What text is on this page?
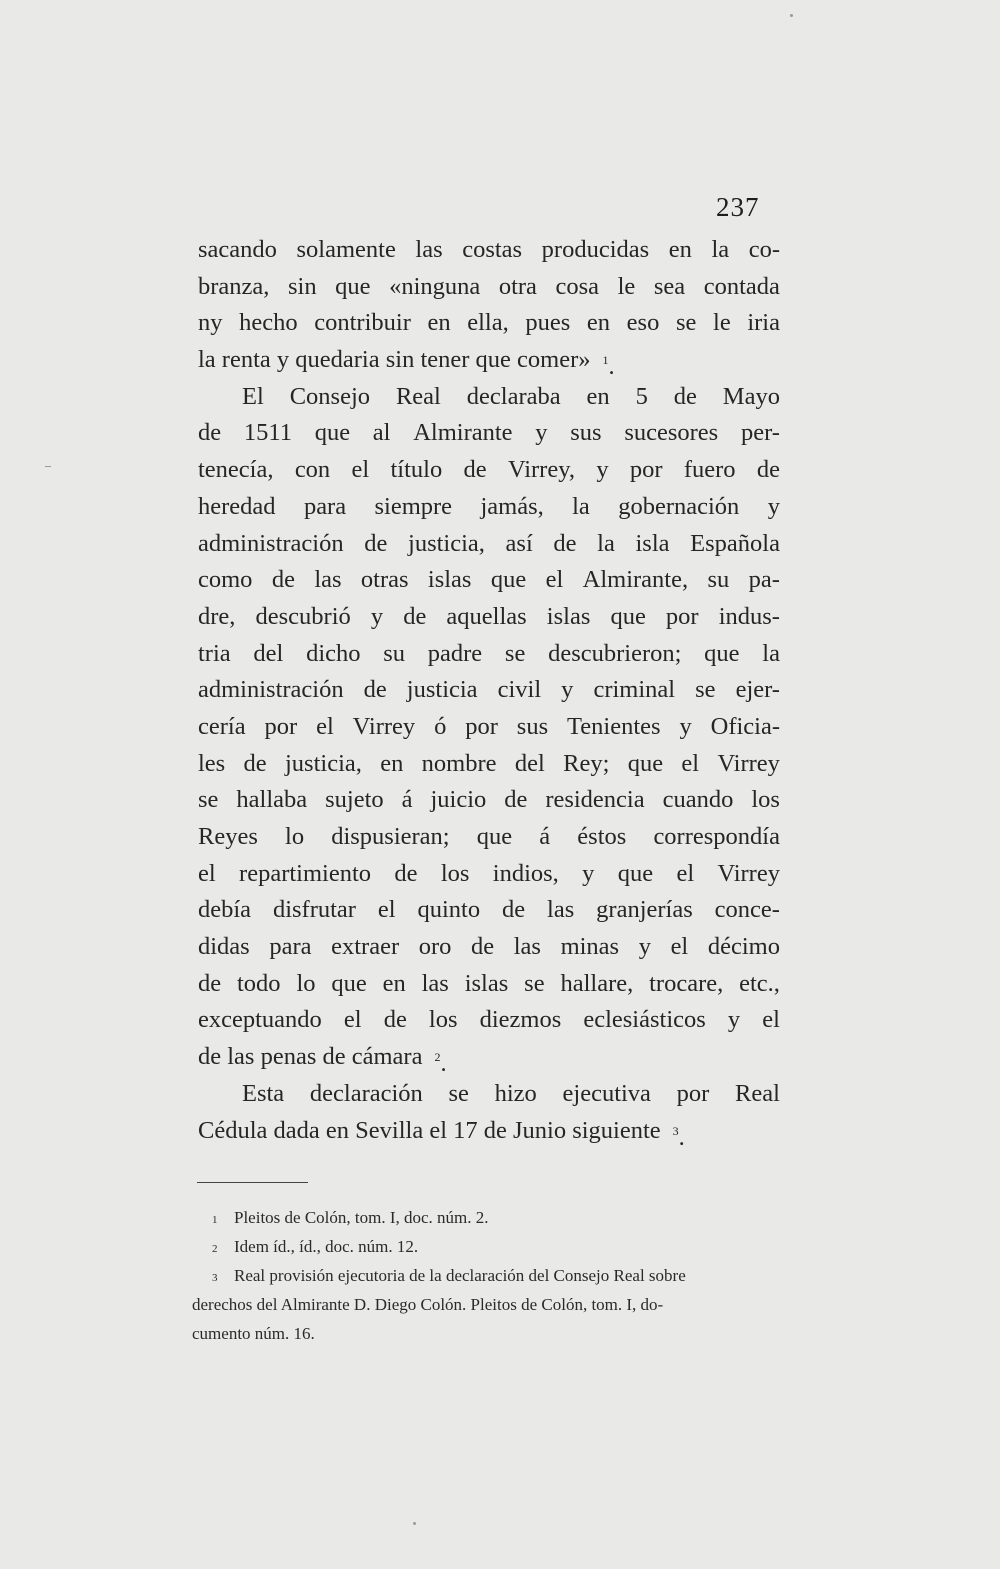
237
sacando solamente las costas producidas en la co-
branza, sin que «ninguna otra cosa le sea contada
ny hecho contribuir en ella, pues en eso se le iria
la renta y quedaria sin tener que comer» $^1$.
El Consejo Real declaraba en 5 de Mayo
de 1511 que al Almirante y sus sucesores per-
tenecía, con el título de Virrey, y por fuero de
heredad para siempre jamás, la gobernación y
administración de justicia, así de la isla Española
como de las otras islas que el Almirante, su pa-
dre, descubrió y de aquellas islas que por indus-
tria del dicho su padre se descubrieron; que la
administración de justicia civil y criminal se ejer-
cería por el Virrey ó por sus Tenientes y Oficia-
les de justicia, en nombre del Rey; que el Virrey
se hallaba sujeto á juicio de residencia cuando los
Reyes lo dispusieran; que á éstos correspondía
el repartimiento de los indios, y que el Virrey
debía disfrutar el quinto de las granjerías conce-
didas para extraer oro de las minas y el décimo
de todo lo que en las islas se hallare, trocare, etc.,
exceptuando el de los diezmos eclesiásticos y el
de las penas de cámara $^2$.
Esta declaración se hizo ejecutiva por Real
Cédula dada en Sevilla el 17 de Junio siguiente $^3$.
1 Pleitos de Colón, tom. I, doc. núm. 2.
2 Idem íd., íd., doc. núm. 12.
3 Real provisión ejecutoria de la declaración del Consejo Real sobre
derechos del Almirante D. Diego Colón. Pleitos de Colón, tom. I, do-
cumento núm. 16.
